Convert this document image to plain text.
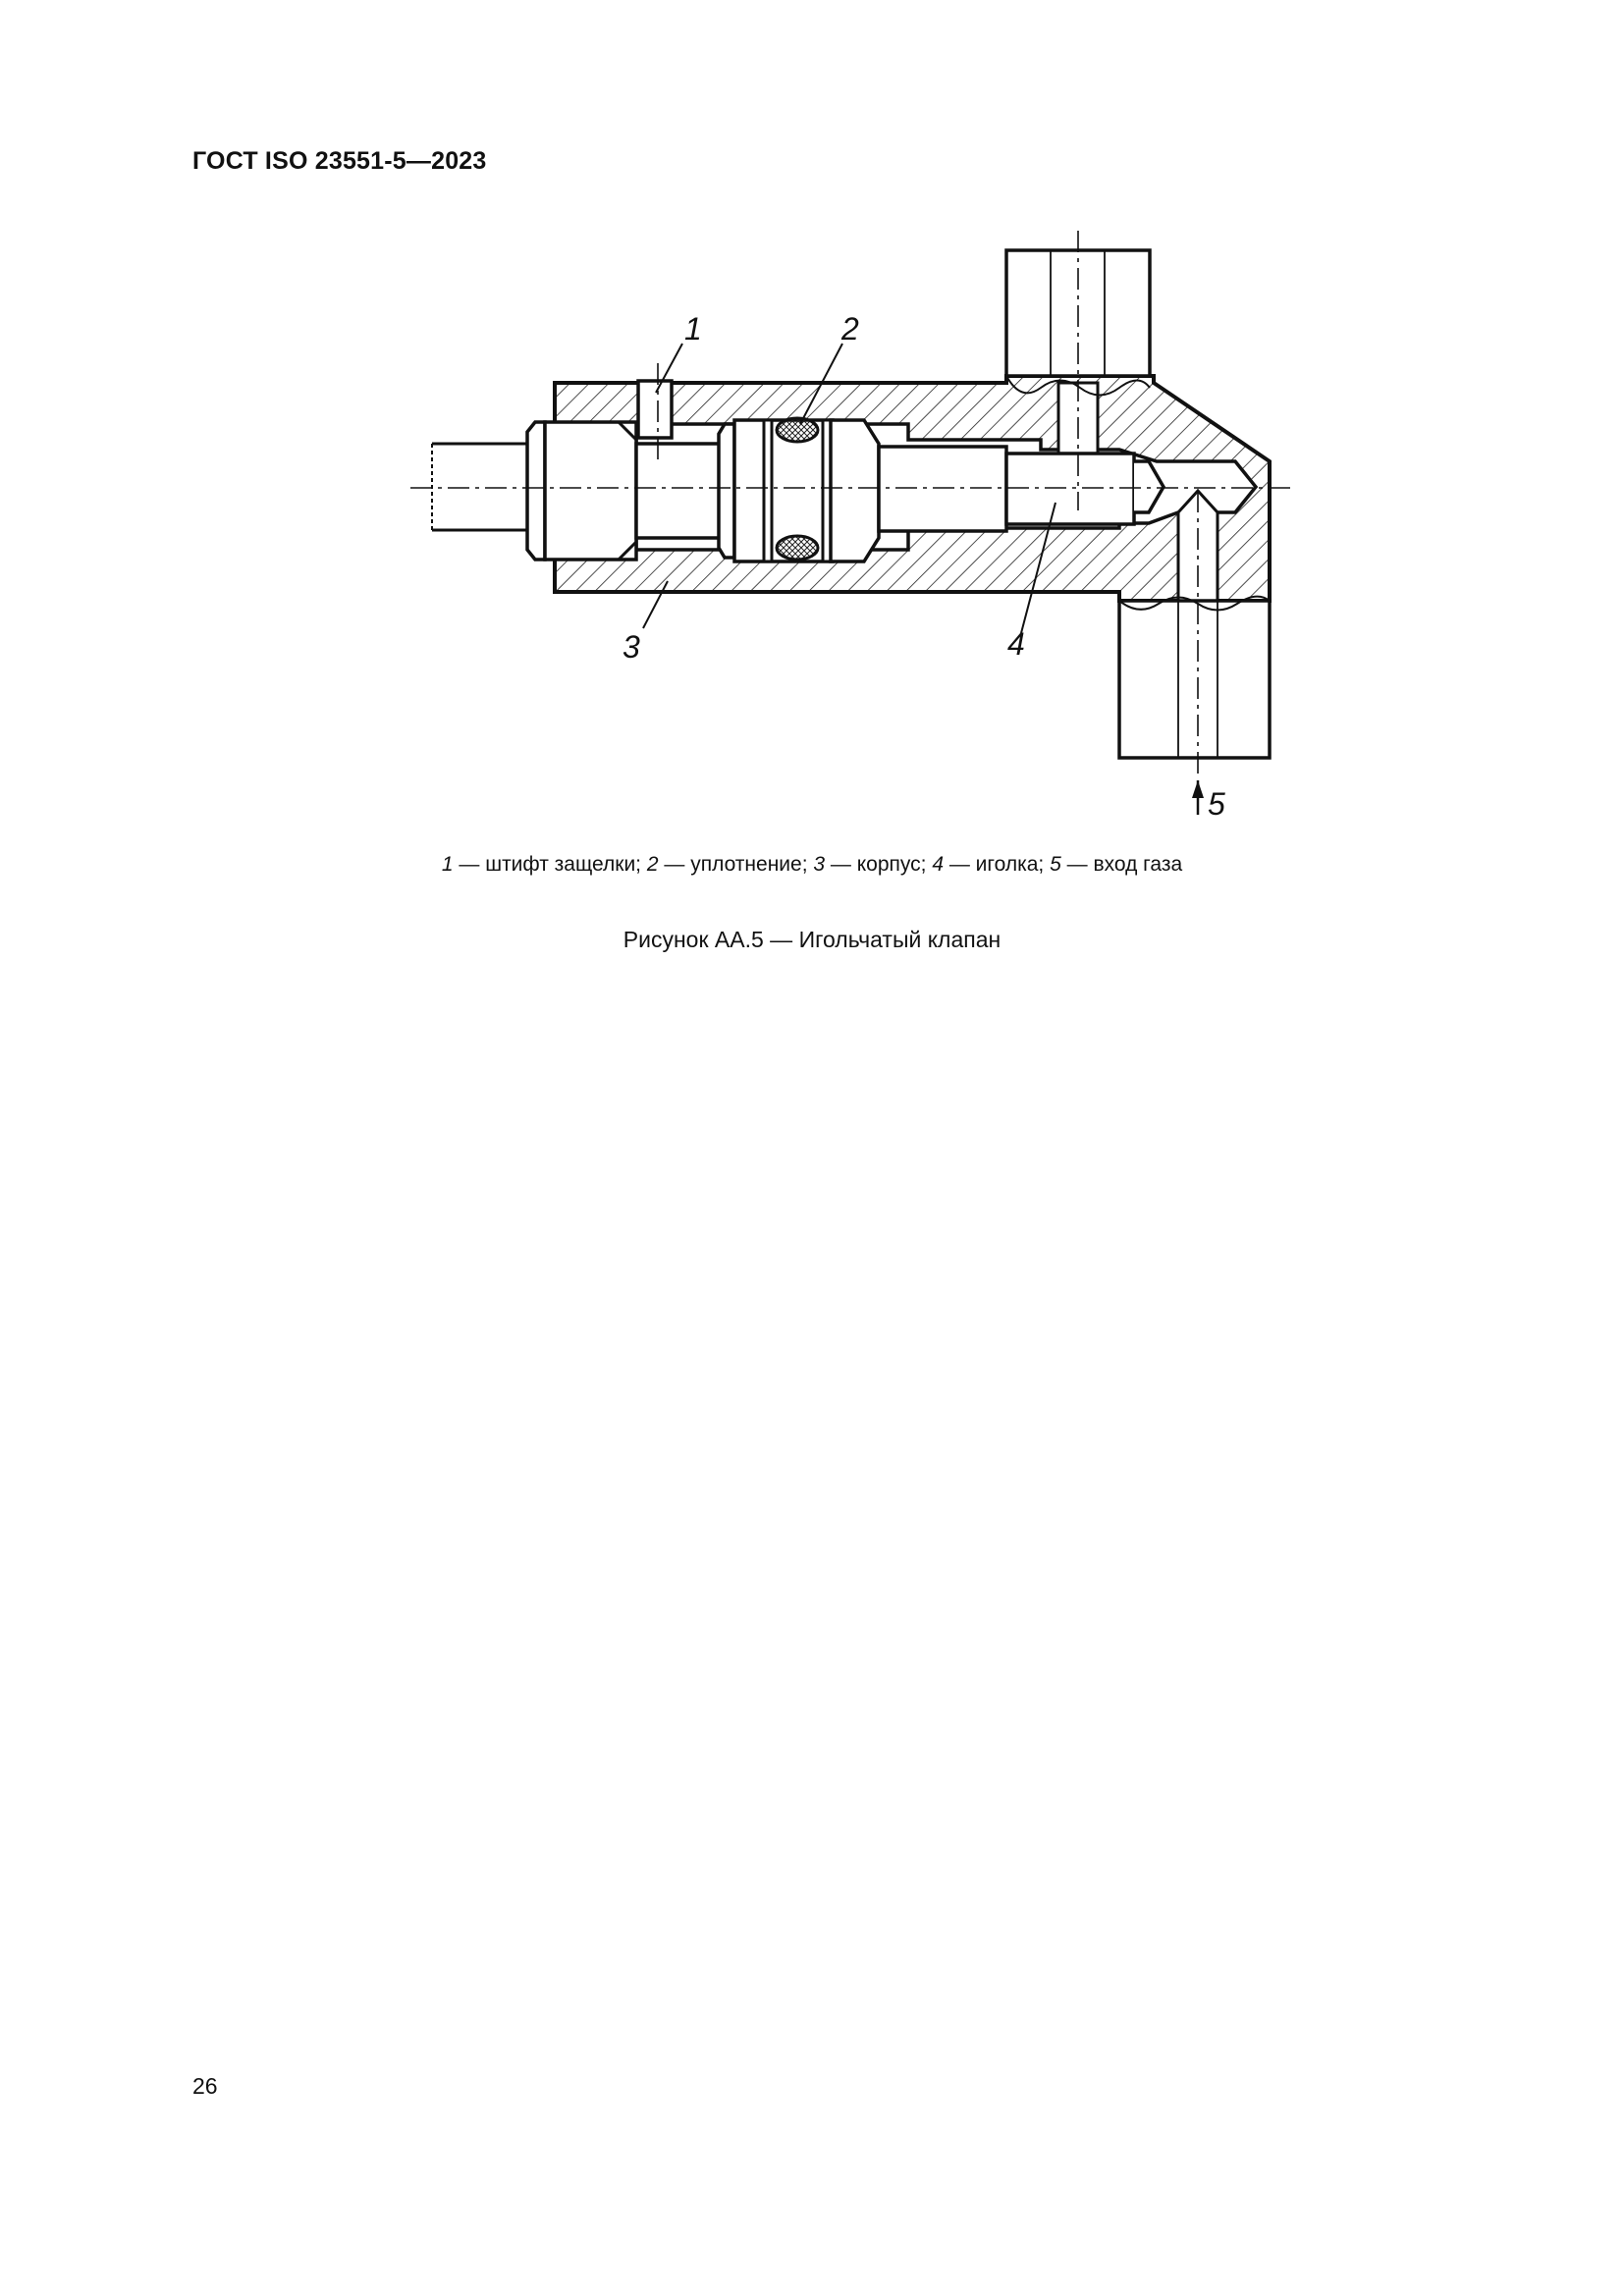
ГОСТ ISO 23551-5—2023
1	2
3	4
5
1 — штифт защелки; 2 — уплотнение; 3 — корпус; 4 — иголка; 5 — вход газа
Рисунок АА.5 — Игольчатый клапан
26
